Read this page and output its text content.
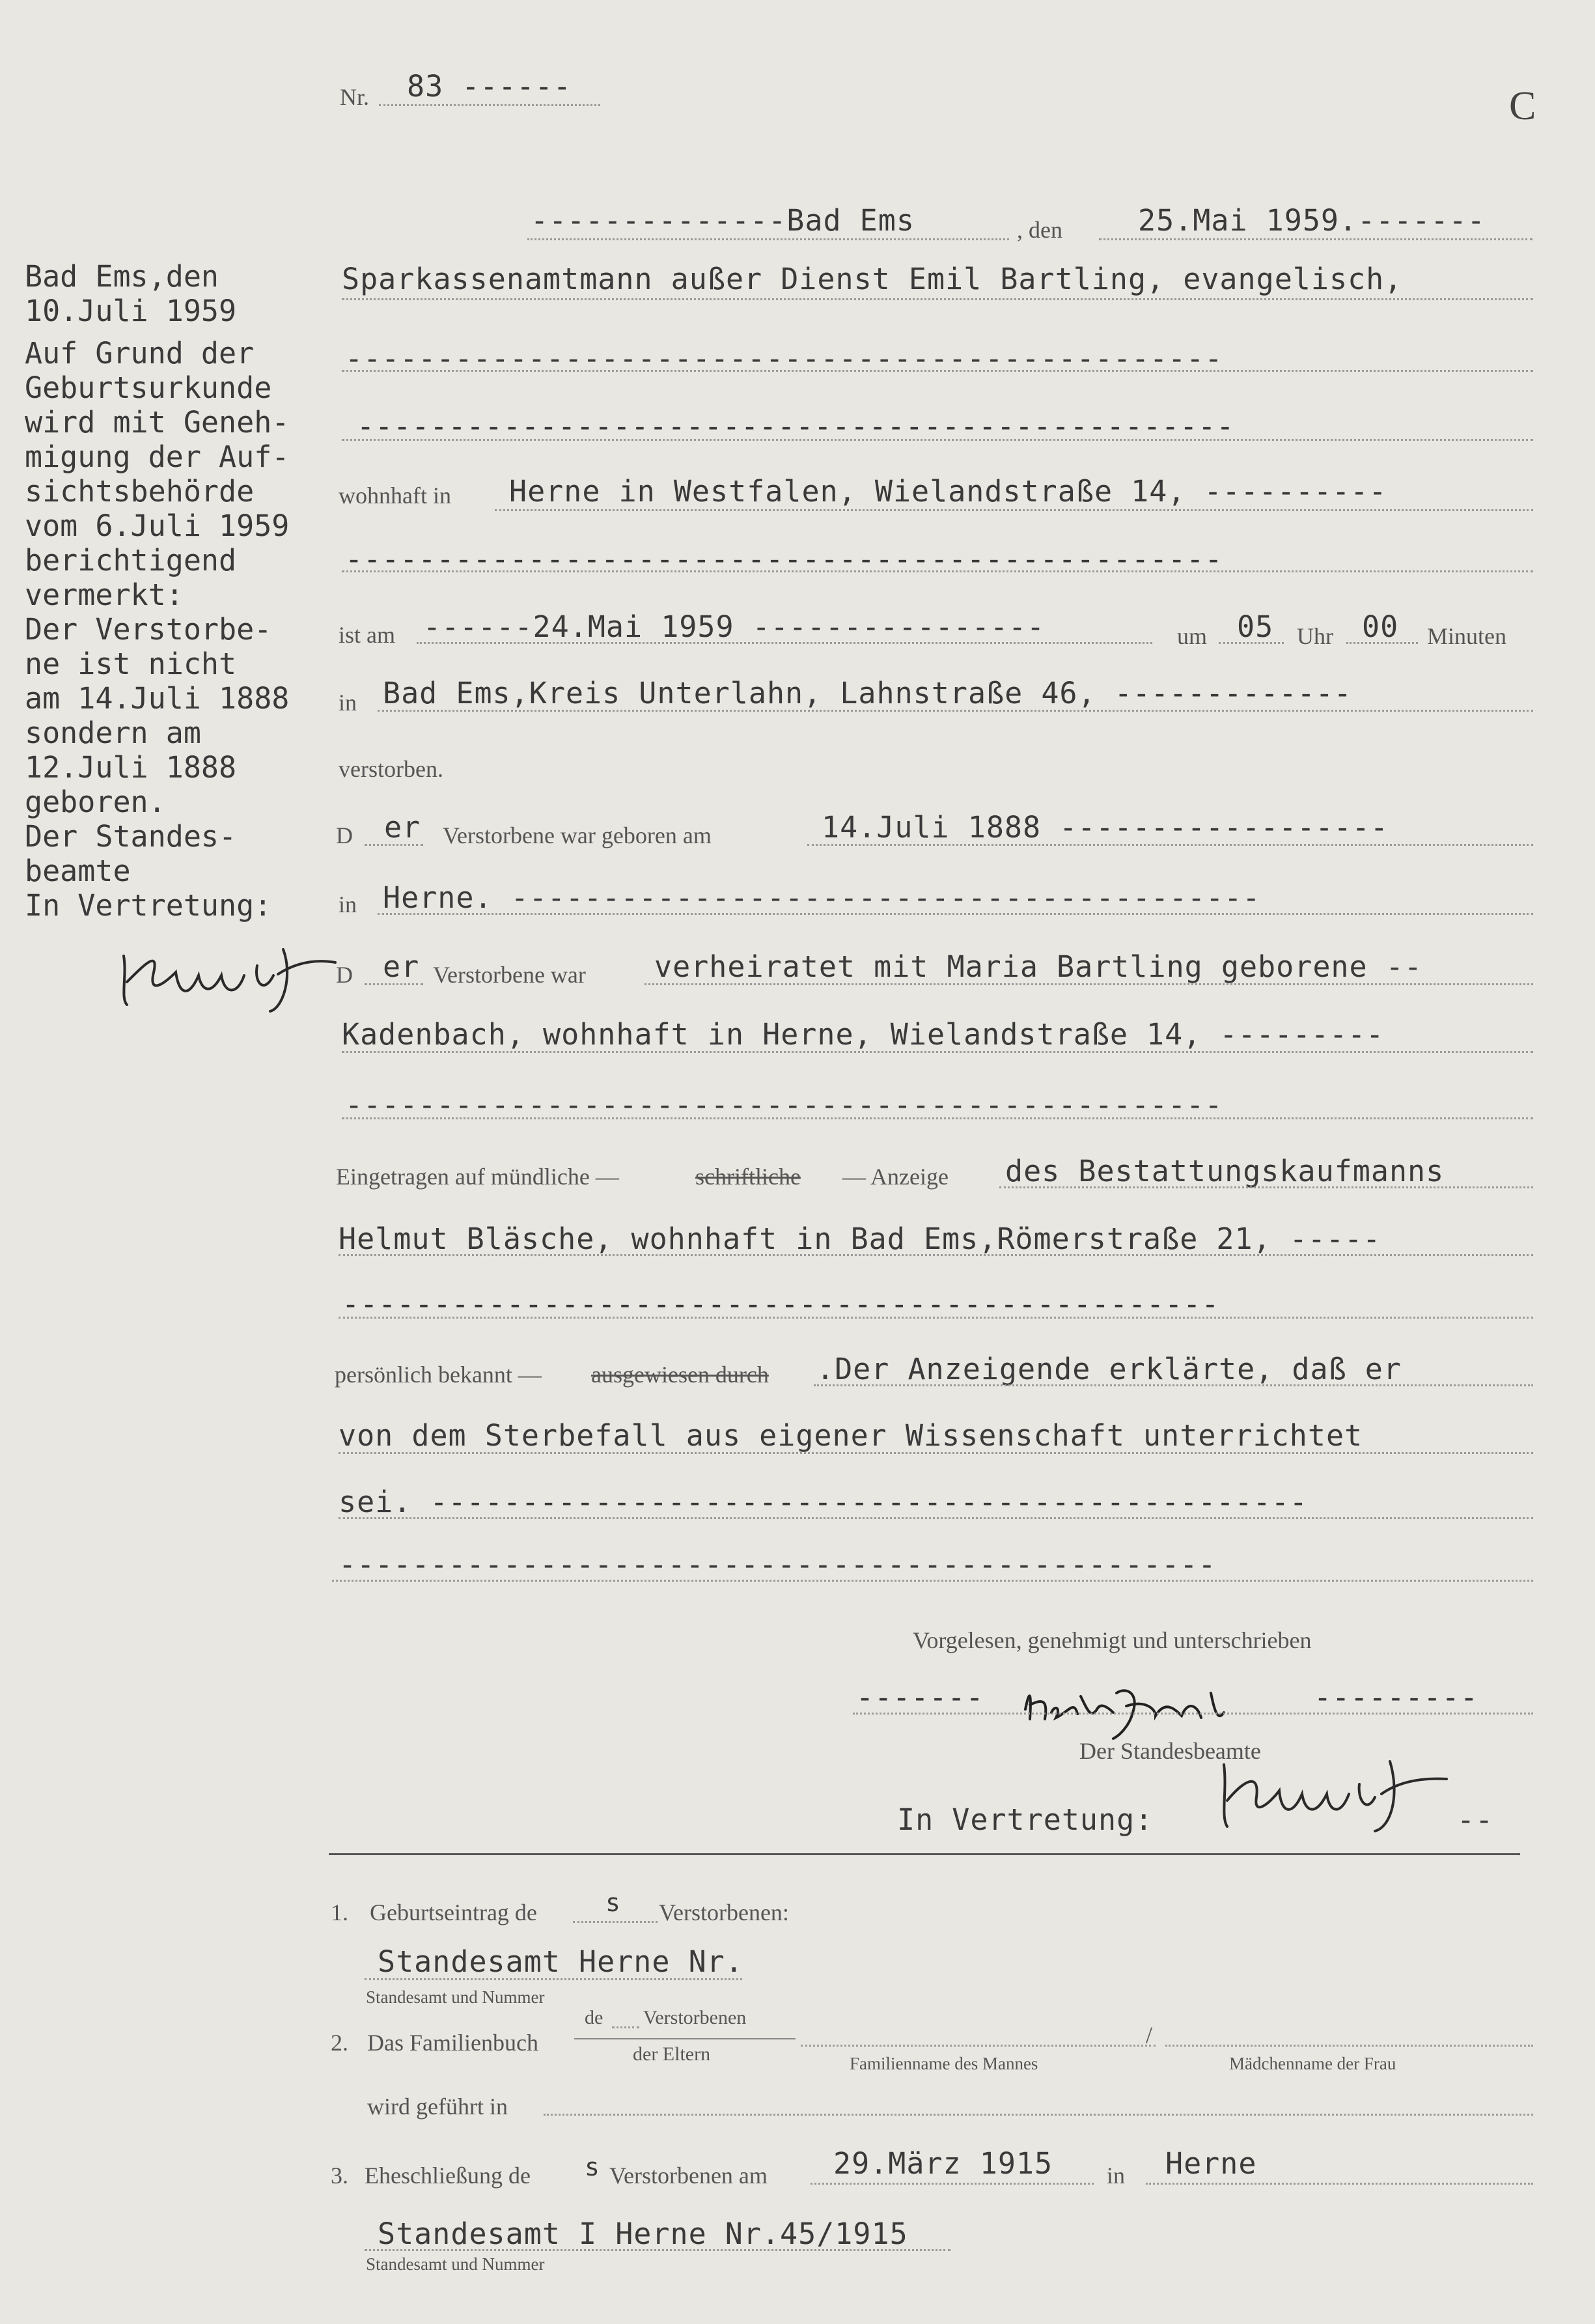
Nr. 83 ------	C
--------------Bad Ems	, den	25.Mai 1959.-------
Bad Ems,den
10.Juli 1959
Auf Grund der
Geburtsurkunde
wird mit Geneh-
migung der Auf-
sichtsbehörde
vom 6.Juli 1959
berichtigend
vermerkt:
Der Verstorbe-
ne ist nicht
am 14.Juli 1888
sondern am
12.Juli 1888
geboren.
Der Standes-
beamte
In Vertretung:
Sparkassenamtmann außer Dienst Emil Bartling, evangelisch,
------------------------------------------------
------------------------------------------------
wohnhaft in Herne in Westfalen, Wielandstraße 14, ----------
------------------------------------------------
ist am ------24.Mai 1959 ----------------	um 05 Uhr 00 Minuten
in Bad Ems,Kreis Unterlahn, Lahnstraße 46, -------------
verstorben.
D er Verstorbene war geboren am	14.Juli 1888 ------------------
in Herne. -----------------------------------------
D er Verstorbene war verheiratet mit Maria Bartling geborene --
Kadenbach, wohnhaft in Herne, Wielandstraße 14, ---------
------------------------------------------------
Eingetragen auf mündliche —	schriftliche — Anzeige des Bestattungskaufmanns
Helmut Bläsche, wohnhaft in Bad Ems,Römerstraße 21, -----
------------------------------------------------
persönlich bekannt — ausgewiesen durch .Der Anzeigende erklärte, daß er
von dem Sterbefall aus eigener Wissenschaft unterrichtet
sei. ------------------------------------------------
------------------------------------------------
Vorgelesen, genehmigt und unterschrieben
-------	---------
Der Standesbeamte
In Vertretung:	--
1. Geburtseintrag de	s Verstorbenen:
Standesamt Herne Nr.
Standesamt und Nummer
de Verstorbenen
2. Das Familienbuch	der Eltern
/
Familienname des Mannes	Mädchenname der Frau
wird geführt in
3. Eheschließung de s Verstorbenen am 29.März 1915 in Herne
Standesamt I Herne Nr.45/1915
Standesamt und Nummer
